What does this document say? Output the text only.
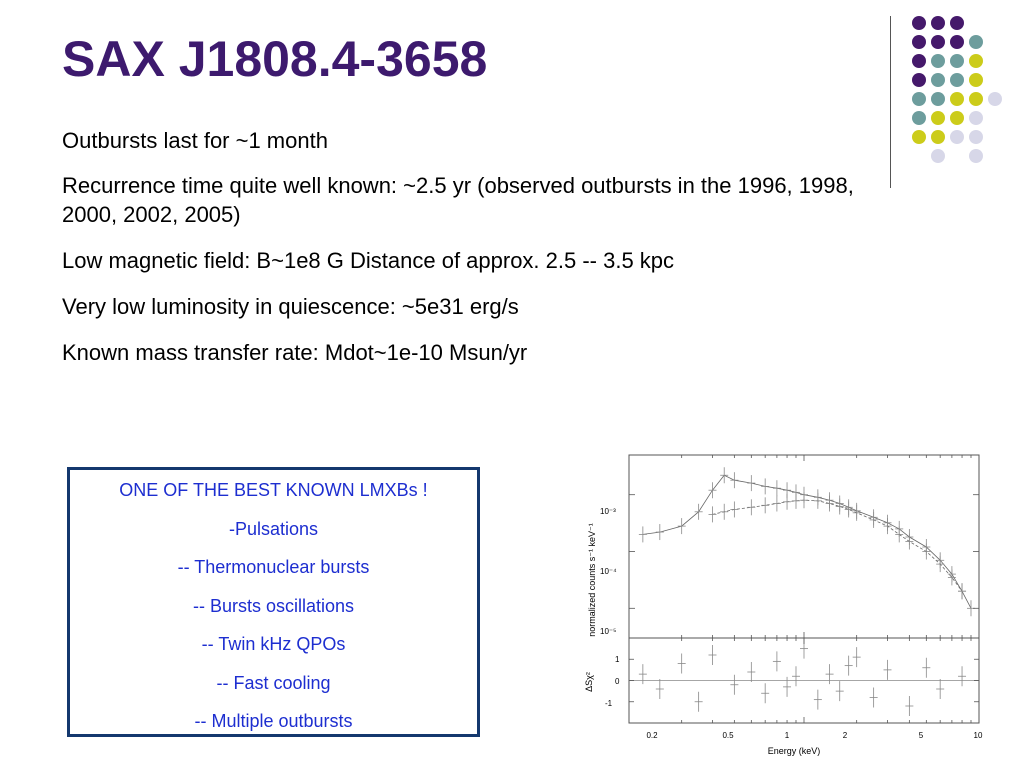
SAX J1808.4-3658
Outbursts last for ~1 month
Recurrence time quite well known: ~2.5 yr (observed outbursts in the 1996, 1998, 2000, 2002, 2005)
Low magnetic field: B~1e8 G Distance of approx. 2.5 -- 3.5 kpc
Very low luminosity in quiescence: ~5e31 erg/s
Known mass transfer rate: Mdot~1e-10 Msun/yr
ONE OF THE BEST KNOWN LMXBs !
-Pulsations
-- Thermonuclear bursts
-- Bursts oscillations
-- Twin kHz QPOs
-- Fast cooling
-- Multiple outbursts
normalized counts s⁻¹ keV⁻¹
10⁻³
10⁻⁴
10⁻⁵
ΔSχ²
1
0
-1
0.2	0.5	1	2	5	10
Energy (keV)
